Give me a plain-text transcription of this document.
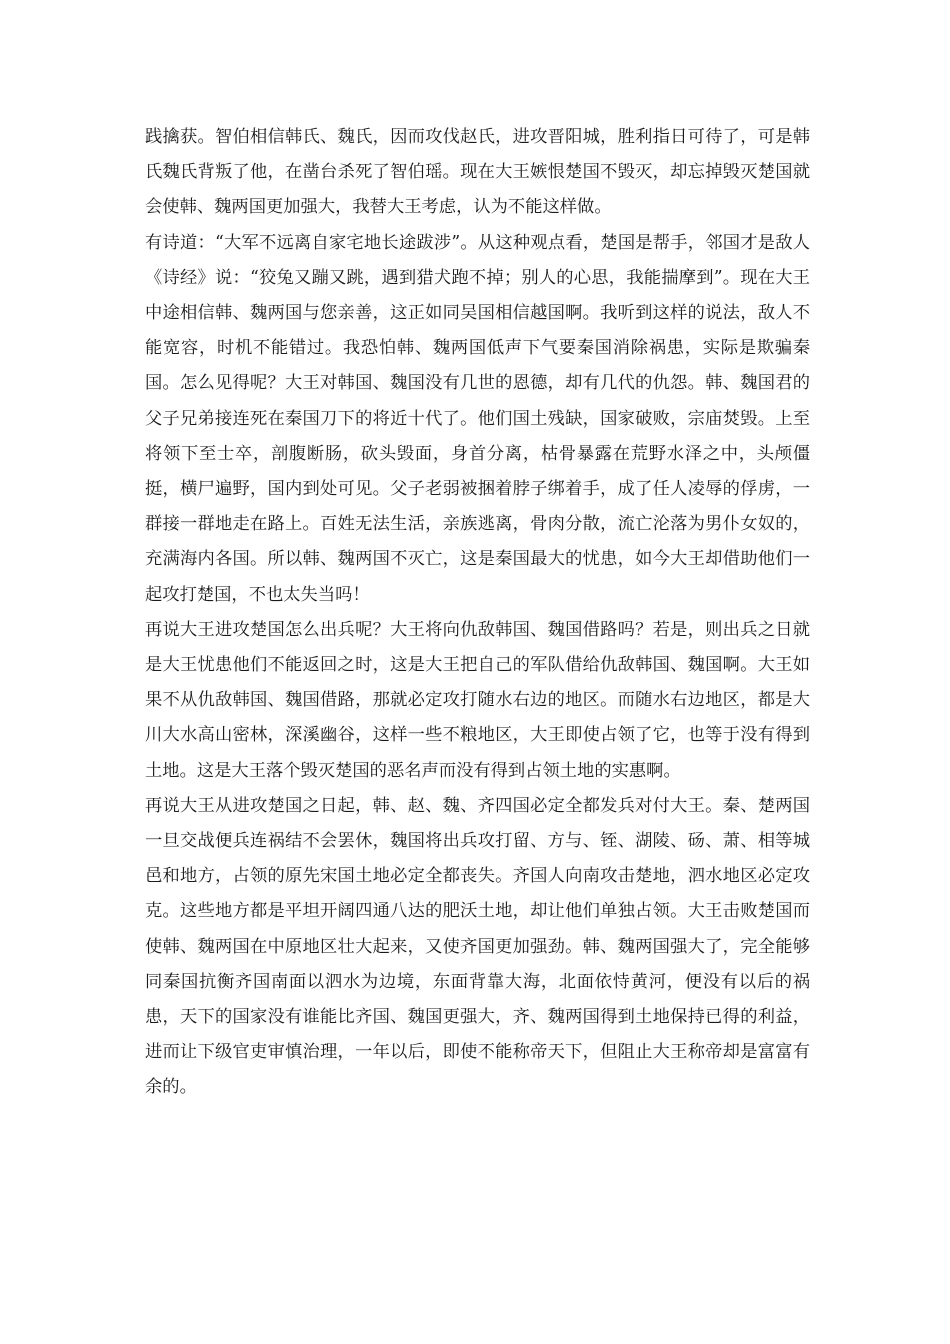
践擒获。智伯相信韩氏、魏氏，因而攻伐赵氏，进攻晋阳城，胜利指日可待了，可是韩氏魏氏背叛了他，在凿台杀死了智伯瑶。现在大王嫉恨楚国不毁灭，却忘掉毁灭楚国就会使韩、魏两国更加强大，我替大王考虑，认为不能这样做。

有诗道：“大军不远离自家宅地长途跋涉”。从这种观点看，楚国是帮手，邻国才是敌人《诗经》说：“狡兔又蹦又跳，遇到猎犬跑不掉；别人的心思，我能揣摩到”。现在大王中途相信韩、魏两国与您亲善，这正如同吴国相信越国啊。我听到这样的说法，敌人不能宽容，时机不能错过。我恐怕韩、魏两国低声下气要秦国消除祸患，实际是欺骗秦国。怎么见得呢？大王对韩国、魏国没有几世的恩德，却有几代的仇怨。韩、魏国君的父子兄弟接连死在秦国刀下的将近十代了。他们国土残缺，国家破败，宗庙焚毁。上至将领下至士卒，剖腹断肠，砍头毁面，身首分离，枯骨暴露在荒野水泽之中，头颅僵挺，横尸遍野，国内到处可见。父子老弱被捆着脖子绑着手，成了任人凌辱的俘虏，一群接一群地走在路上。百姓无法生活，亲族逃离，骨肉分散，流亡沦落为男仆女奴的，充满海内各国。所以韩、魏两国不灭亡，这是秦国最大的忧患，如今大王却借助他们一起攻打楚国，不也太失当吗！

再说大王进攻楚国怎么出兵呢？大王将向仇敌韩国、魏国借路吗？若是，则出兵之日就是大王忧患他们不能返回之时，这是大王把自己的军队借给仇敌韩国、魏国啊。大王如果不从仇敌韩国、魏国借路，那就必定攻打随水右边的地区。而随水右边地区，都是大川大水高山密林，深溪幽谷，这样一些不粮地区，大王即使占领了它，也等于没有得到土地。这是大王落个毁灭楚国的恶名声而没有得到占领土地的实惠啊。

再说大王从进攻楚国之日起，韩、赵、魏、齐四国必定全都发兵对付大王。秦、楚两国一旦交战便兵连祸结不会罢休，魏国将出兵攻打留、方与、铚、湖陵、砀、萧、相等城邑和地方，占领的原先宋国土地必定全都丧失。齐国人向南攻击楚地，泗水地区必定攻克。这些地方都是平坦开阔四通八达的肥沃土地，却让他们单独占领。大王击败楚国而使韩、魏两国在中原地区壮大起来，又使齐国更加强劲。韩、魏两国强大了，完全能够同秦国抗衡齐国南面以泗水为边境，东面背靠大海，北面依恃黄河，便没有以后的祸患，天下的国家没有谁能比齐国、魏国更强大，齐、魏两国得到土地保持已得的利益，进而让下级官吏审慎治理，一年以后，即使不能称帝天下，但阻止大王称帝却是富富有余的。
